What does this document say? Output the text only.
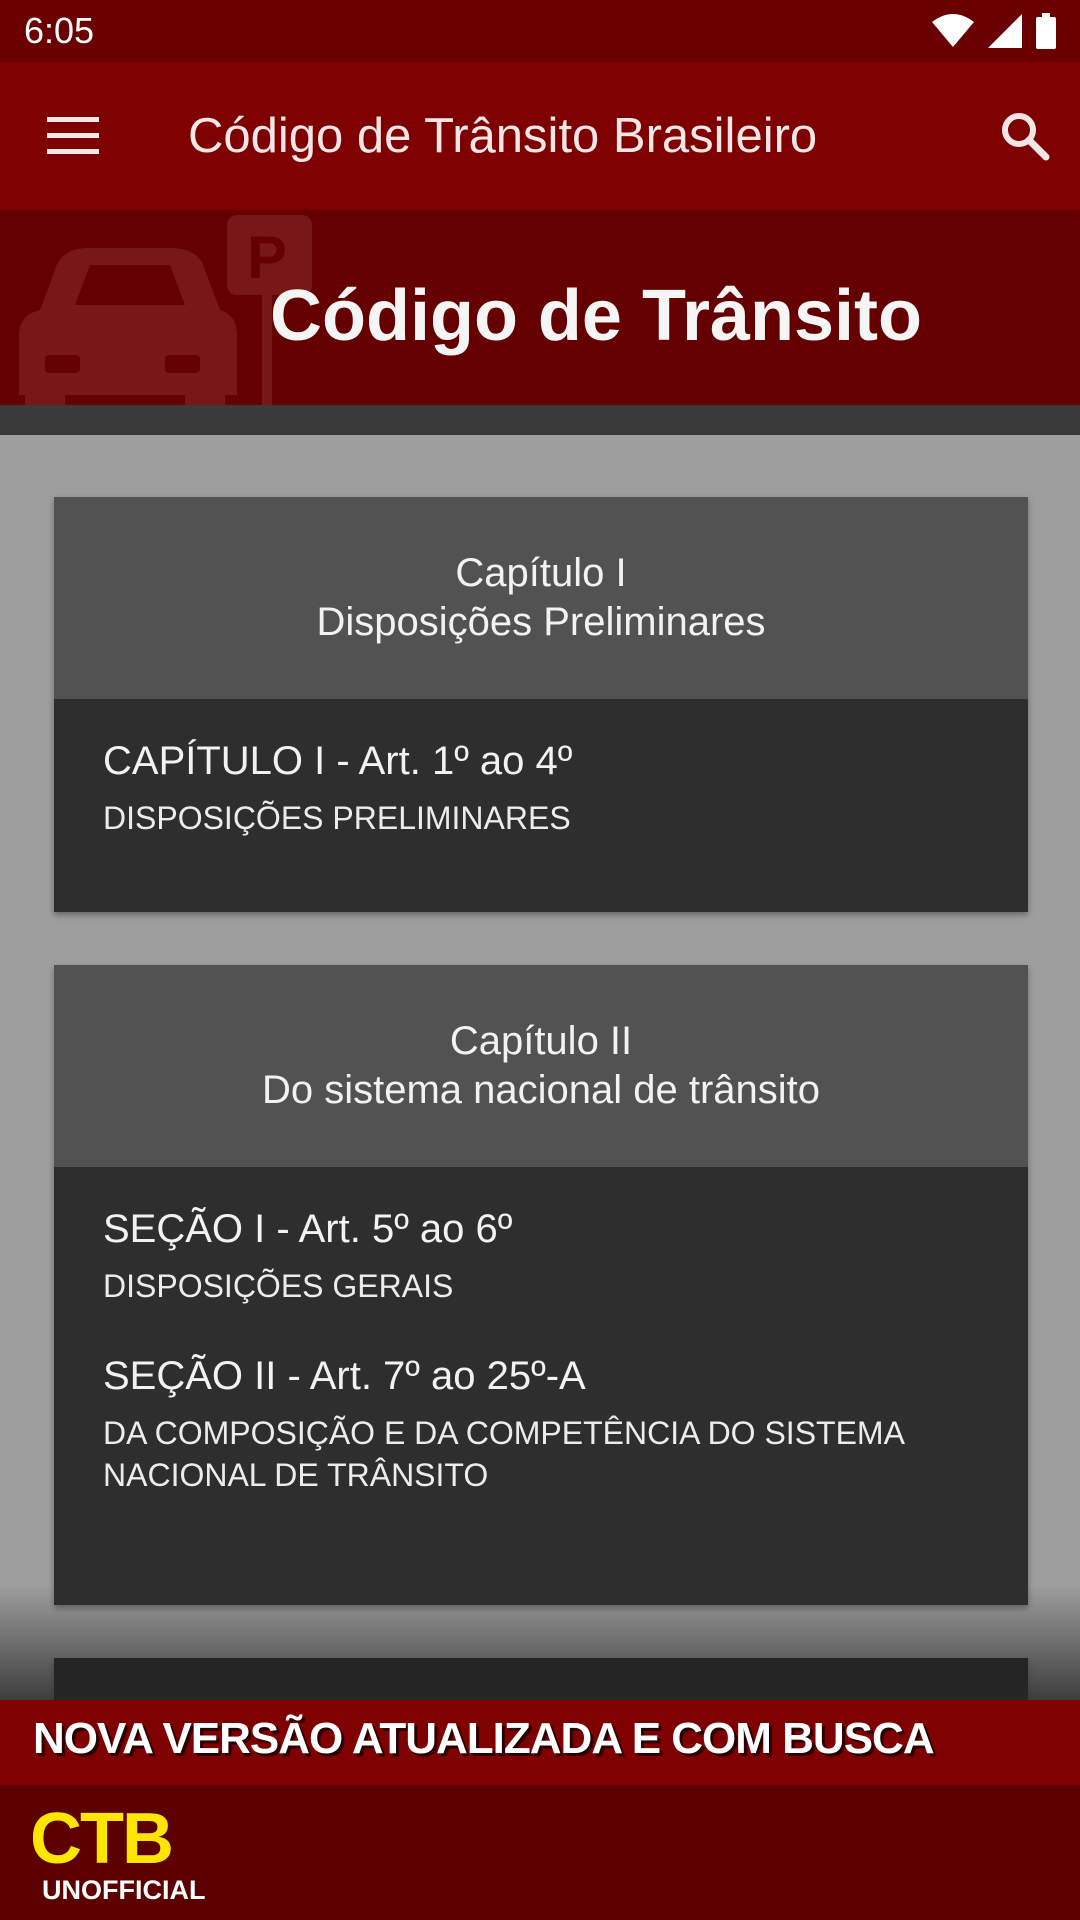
6:05
Código de Trânsito Brasileiro
P
Código de Trânsito
Capítulo I
Disposições Preliminares
CAPÍTULO I - Art. 1º ao 4º
DISPOSIÇÕES PRELIMINARES
Capítulo II
Do sistema nacional de trânsito
SEÇÃO I - Art. 5º ao 6º
DISPOSIÇÕES GERAIS
SEÇÃO II - Art. 7º ao 25º-A
DA COMPOSIÇÃO E DA COMPETÊNCIA DO SISTEMA NACIONAL DE TRÂNSITO
NOVA VERSÃO ATUALIZADA E COM BUSCA
CTB
UNOFFICIAL
